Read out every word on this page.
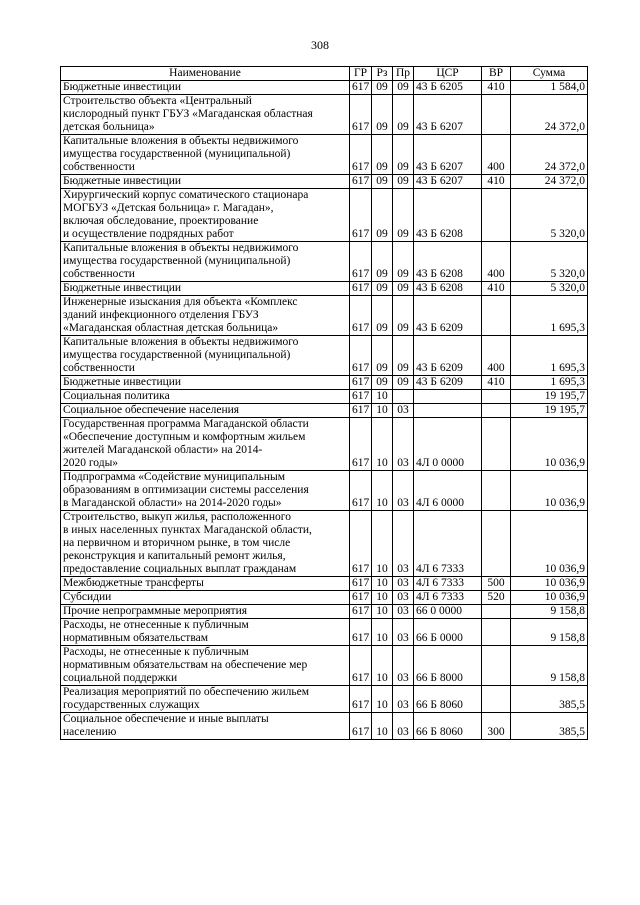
308
Наименование	ГР	Рз	Пр	ЦСР	ВР	Сумма

Бюджетные инвестиции	617	09	09	43 Б 6205	410	1 584,0

Строительство объекта «Центральный
кислородный пункт ГБУЗ «Магаданская областная
детская больница»	617	09	09	43 Б 6207		24 372,0

Капитальные вложения в объекты недвижимого
имущества государственной (муниципальной)
собственности	617	09	09	43 Б 6207	400	24 372,0

Бюджетные инвестиции	617	09	09	43 Б 6207	410	24 372,0

Хирургический корпус соматического стационара
МОГБУЗ «Детская больница» г. Магадан»,
включая обследование, проектирование
и осуществление подрядных работ	617	09	09	43 Б 6208		5 320,0

Капитальные вложения в объекты недвижимого
имущества государственной (муниципальной)
собственности	617	09	09	43 Б 6208	400	5 320,0

Бюджетные инвестиции	617	09	09	43 Б 6208	410	5 320,0

Инженерные изыскания для объекта «Комплекс
зданий инфекционного отделения ГБУЗ
«Магаданская областная детская больница»	617	09	09	43 Б 6209		1 695,3

Капитальные вложения в объекты недвижимого
имущества государственной (муниципальной)
собственности	617	09	09	43 Б 6209	400	1 695,3

Бюджетные инвестиции	617	09	09	43 Б 6209	410	1 695,3

Социальная политика	617	10				19 195,7

Социальное обеспечение населения	617	10	03			19 195,7

Государственная программа Магаданской области
«Обеспечение доступным и комфортным жильем
жителей Магаданской области» на 2014-
2020 годы»	617	10	03	4Л 0 0000		10 036,9

Подпрограмма «Содействие муниципальным
образованиям в оптимизации системы расселения
в Магаданской области» на 2014-2020 годы»	617	10	03	4Л 6 0000		10 036,9

Строительство, выкуп жилья, расположенного
в иных населенных пунктах Магаданской области,
на первичном и вторичном рынке, в том числе
реконструкция и капитальный ремонт жилья,
предоставление социальных выплат гражданам	617	10	03	4Л 6 7333		10 036,9

Межбюджетные трансферты	617	10	03	4Л 6 7333	500	10 036,9

Субсидии	617	10	03	4Л 6 7333	520	10 036,9

Прочие непрограммные мероприятия	617	10	03	66 0 0000		9 158,8

Расходы, не отнесенные к публичным
нормативным обязательствам	617	10	03	66 Б 0000		9 158,8

Расходы, не отнесенные к публичным
нормативным обязательствам на обеспечение мер
социальной поддержки	617	10	03	66 Б 8000		9 158,8

Реализация мероприятий по обеспечению жильем
государственных служащих	617	10	03	66 Б 8060		385,5

Социальное обеспечение и иные выплаты
населению	617	10	03	66 Б 8060	300	385,5
